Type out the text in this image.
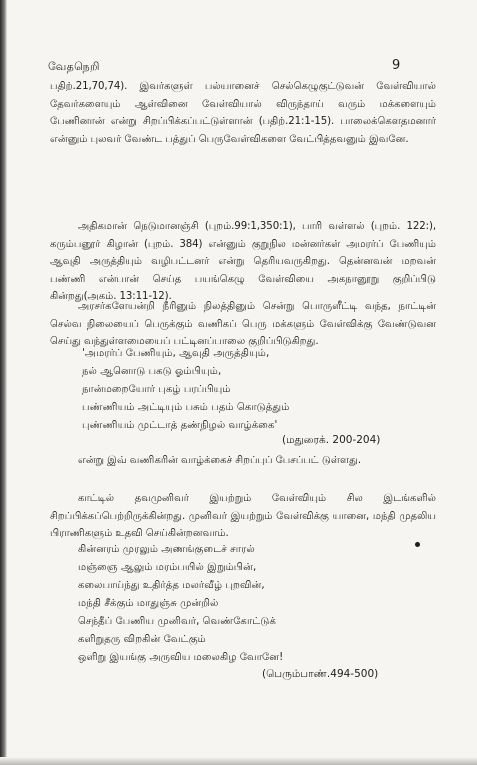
வேதநெறி	9

பதிற்.21,70,74). இவர்களுள் பல்யானைச் செல்கெழுகுட்டுவன் வேள்வியால் தேவர்களையும் ஆள்வினை வேள்வியால் விருந்தாய் வரும் மக்களையும் பேணினான் என்று சிறப்பிக்கப்பட்டுள்ளான் (பதிற்.21:1-15). பாலைக்கௌதமனார் என்னும் புலவர் வேண்ட பத்துப் பெருவேள்விகளை வேட்பித்தவனும் இவனே.

அதிகமான் நெடுமானஞ்சி (புறம்.99:1,350:1), பாரி வள்ளல் (புறம். 122:), கரும்பனூர் கிழான் (புறம். 384) என்னும் குறுநில மன்னர்கள் அமரர்ப் பேணியும் ஆவுதி அருத்தியும் வழிபட்டனர் என்று தெரியவருகிறது. தென்னவன் மறவன் பண்ணி என்பான் செய்த பயங்கெழு வேள்வியை அகநானூறு குறிப்பிடு கின்றது(அகம். 13:11-12).

அரசர்களேயன்றி நீரினும் நிலத்தினும் சென்று பொருளீட்டி வந்த, நாட்டின் செல்வ நிலையைப் பெருக்கும் வணிகப் பெரு மக்களும் வேள்விக்கு வேண்டுவன செய்து வந்துள்ளமையைப் பட்டினப்பாலை குறிப்பிடுகிறது.

'அமரர்ப் பேணியும், ஆவுதி அருத்தியும்,
நல் ஆனொடு பகடு ஓம்பியும்,
நான்மறையோர் புகழ் பரப்பியும்
பண்ணியம் அட்டியும் பசும் பதம் கொடுத்தும்
புண்ணியம் முட்டாத் தண்நிழல் வாழ்க்கை'
(மதுரைக். 200-204)

என்று இவ் வணிகரின் வாழ்க்கைச் சிறப்புப் பேசப்பட் டுள்ளது.

காட்டில் தவமுனிவர் இயற்றும் வேள்வியும் சில இடங்களில் சிறப்பிக்கப்பெற்றிருக்கின்றது. முனிவர் இயற்றும் வேள்விக்கு யானை, மந்தி முதலிய பிராணிகளும் உதவி செய்கின்றனவாம்.

கின்னரம் முரலும் அணங்குடைச் சாரல்
மஞ்ஞை ஆலும் மரம்பயில் இறும்பின்,
கலைபாய்ந்து உதிர்த்த மலர்வீழ் புறவின்,
மந்தி சீக்கும் மாதுஞ்சு முன்றில்
செந்தீப் பேணிய முனிவர், வெண்கோட்டுக்
களிறுதரு விறகின் வேட்கும்
ஒளிறு இயங்கு அருவிய மலைகிழ வோனே!
(பெரும்பாண்.494-500)
